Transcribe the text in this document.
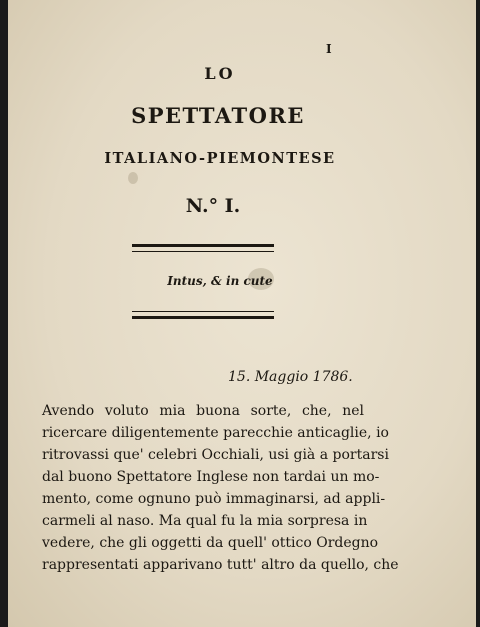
I
LO
SPETTATORE
ITALIANO-PIEMONTESE
N.° I.
Intus, & in cute
15. Maggio 1786.
Avendo voluto mia buona sorte, che, nel
ricercare diligentemente parecchie anticaglie, io
ritrovassi que' celebri Occhiali, usi già a portarsi
dal buono Spettatore Inglese non tardai un mo-
mento, come ognuno può immaginarsi, ad appli-
carmeli al naso. Ma qual fu la mia sorpresa in
vedere, che gli oggetti da quell' ottico Ordegno
rappresentati apparivano tutt' altro da quello, che
